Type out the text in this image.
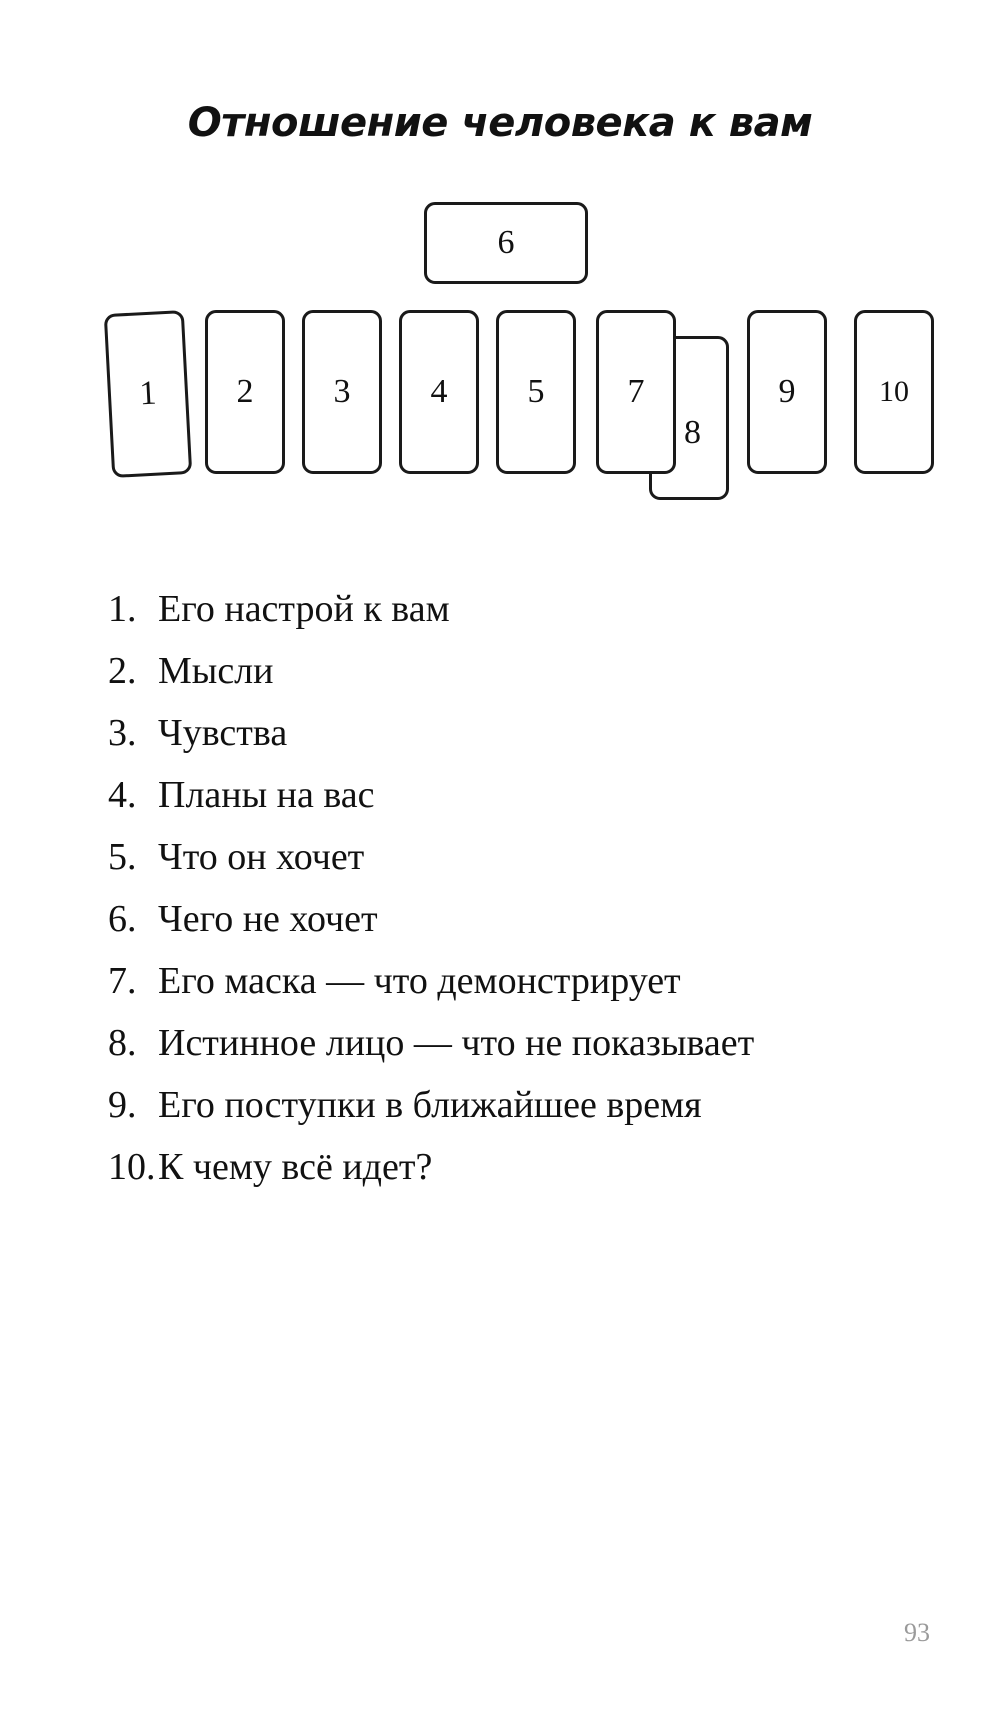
Отношение человека к вам
6
1 2 3 4 5
8
7	9	10
1. Его настрой к вам
2. Мысли
3. Чувства
4. Планы на вас
5. Что он хочет
6. Чего не хочет
7. Его маска — что демонстрирует
8. Истинное лицо — что не показывает
9. Его поступки в ближайшее время
10.К чему всё идет?
93
